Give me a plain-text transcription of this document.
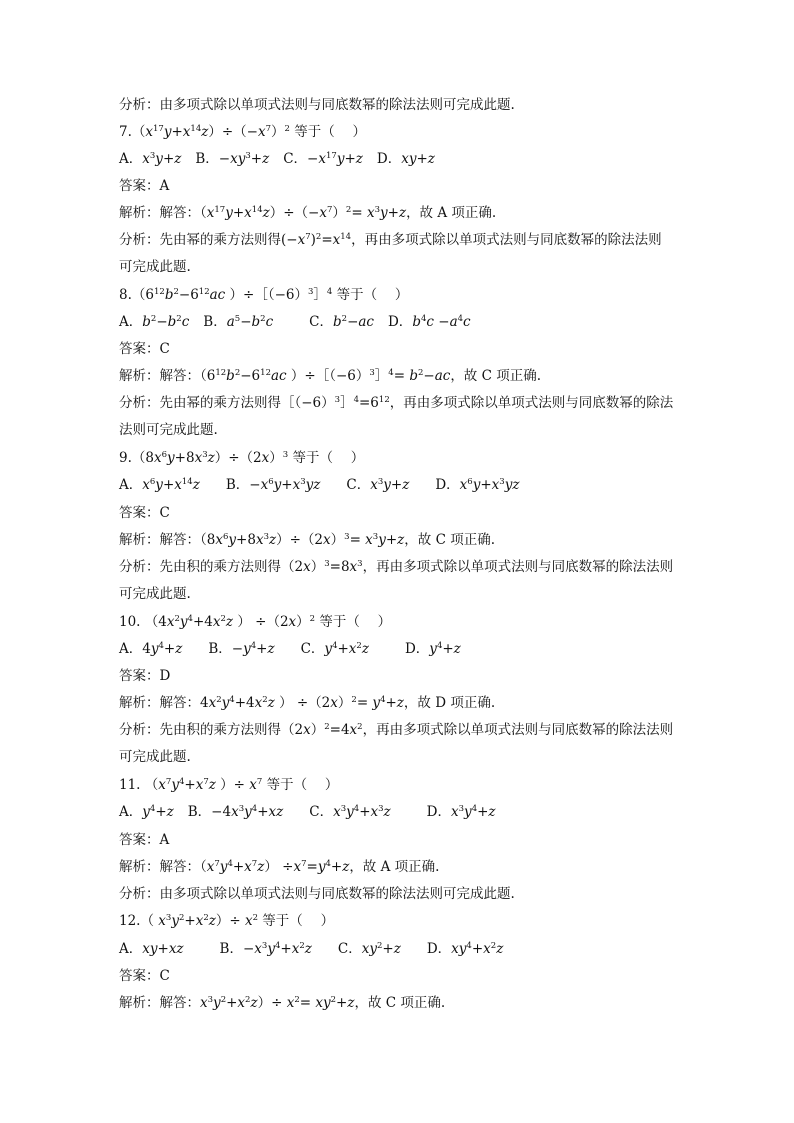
分析：由多项式除以单项式法则与同底数幂的除法法则可完成此题.
$7.(x^{17}y+x^{14}z)\div(-x^7)^2$ 等于（　 ）
A．$x^3y+z$ B．$-xy^3+z$ C．$-x^{17}y+z$ D．xy+z
答案：A
解析：解答：$(x^{17}y+x^{14}z)\div(-x^7)^2= x^3y+z$，故 A 项正确.
分析：先由幂的乘方法则得$(-x^7)^2=x^{14}$，再由多项式除以单项式法则与同底数幂的除法法则
可完成此题.
$8.(6^{12}b^2-6^{12}ac$ ）$\div[(-6)^3]^4$ 等于（　 ）
A．$b^2-b^2c$ B．$a^5-b^2c$	C．$b^2-ac$ D．$b^4c -a^4c$
答案：C
解析：解答：（$6^{12}b^2-6^{12}ac$ ）$\div[(-6)^3]^4= b^2-ac$，故 C 项正确.
分析：先由幂的乘方法则得$[(-6)^3]^4=6^{12}$，再由多项式除以单项式法则与同底数幂的除法
法则可完成此题.
$9.(8x^6y+8x^3z)\div(2x)^3$ 等于（　 ）
A．$x^6y+x^{14}z$ B．$-x^6y+x^3yz$ C．$x^3y+z$ D．$x^6y+x^3yz$
答案：C
解析：解答：$(8x^6y+8x^3z)\div(2x)^3= x^3y+z$，故 C 项正确.
分析：先由积的乘方法则得$(2x)^3=8x^3$，再由多项式除以单项式法则与同底数幂的除法法则
可完成此题.
10. （$4x^2y^4+4x^2z$ ） $\div(2x)^2$ 等于（　 ）
A．$4y^4+z$ B．$-y^4+z$ C．$y^4+x^2z$	D．$y^4+z$
答案：D
解析：解答：$4x^2y^4+4x^2z$ ） $\div(2x)^2= y^4+z$，故 D 项正确.
分析：先由积的乘方法则得$(2x)^2=4x^2$，再由多项式除以单项式法则与同底数幂的除法法则
可完成此题.
11. （$x^7y^4+x^7z$ ）÷ $x^7$ 等于（　 ）
A．$y^4+z$ B．$-4x^3y^4+xz$ C．$x^3y^4+x^3z$	D．$x^3y^4+z$
答案：A
解析：解答：$(x^7y^4+x^7z) \div x^7=y^4+z$，故 A 项正确.
分析：由多项式除以单项式法则与同底数幂的除法法则可完成此题.
12.（ $x^3y^2+x^2z)\div x^2$ 等于（　 ）
A．xy+xz	B．$-x^3y^4+x^2z$ C．$xy^2+z$ D．$xy^4+x^2z$
答案：C
解析：解答：$x^3y^2+x^2z)\div x^2= xy^2+z$，故 C 项正确.
